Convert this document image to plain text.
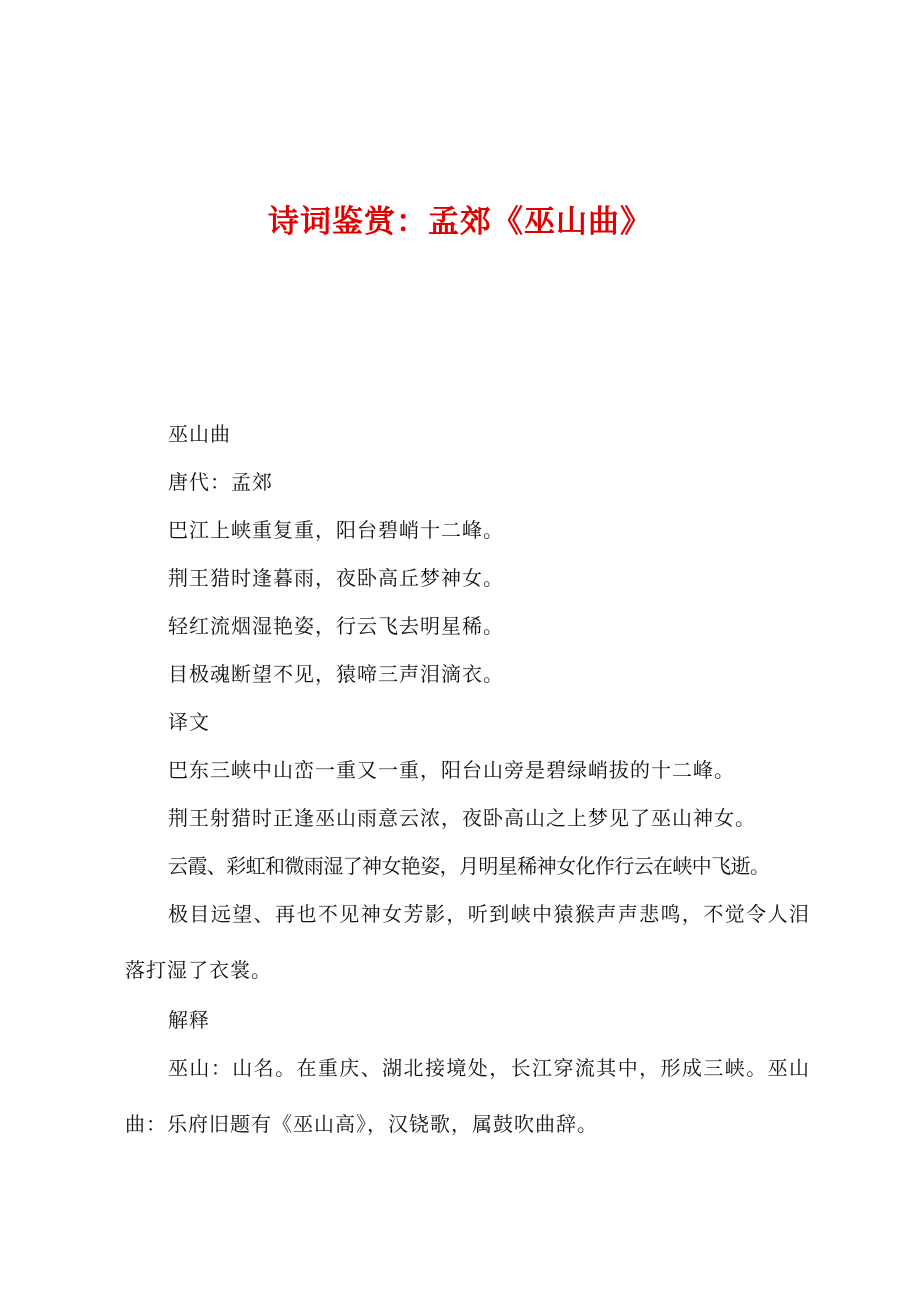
诗词鉴赏：孟郊《巫山曲》

巫山曲

唐代：孟郊

巴江上峡重复重，阳台碧峭十二峰。

荆王猎时逢暮雨，夜卧高丘梦神女。

轻红流烟湿艳姿，行云飞去明星稀。

目极魂断望不见，猿啼三声泪滴衣。

译文

巴东三峡中山峦一重又一重，阳台山旁是碧绿峭拔的十二峰。

荆王射猎时正逢巫山雨意云浓，夜卧高山之上梦见了巫山神女。

云霞、彩虹和微雨湿了神女艳姿，月明星稀神女化作行云在峡中飞逝。

极目远望、再也不见神女芳影，听到峡中猿猴声声悲鸣，不觉令人泪落打湿了衣裳。

解释

巫山：山名。在重庆、湖北接境处，长江穿流其中，形成三峡。巫山曲：乐府旧题有《巫山高》，汉铙歌，属鼓吹曲辞。
